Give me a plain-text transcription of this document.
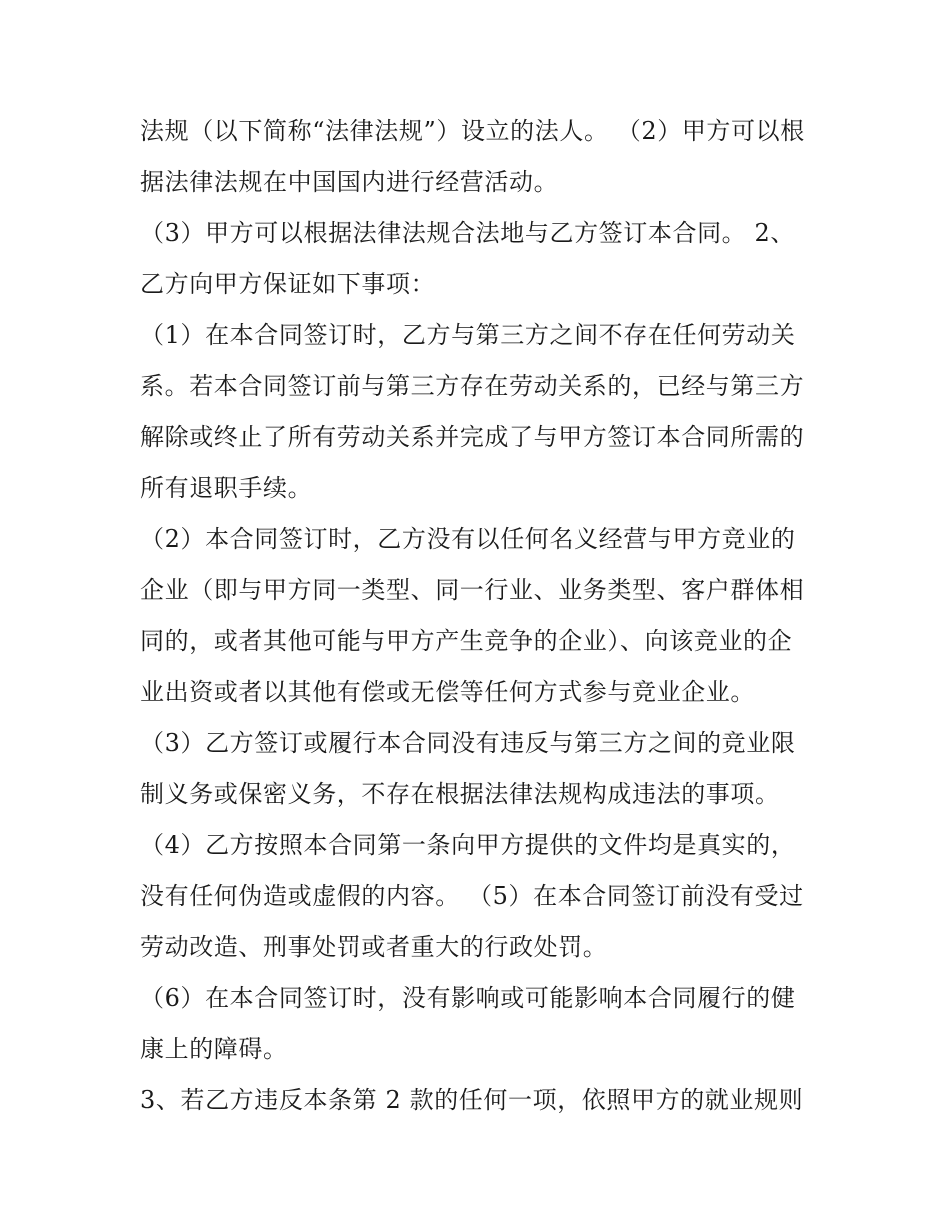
法规（以下简称“法律法规”）设立的法人。 （2）甲方可以根
据法律法规在中国国内进行经营活动。
（3）甲方可以根据法律法规合法地与乙方签订本合同。 2、
乙方向甲方保证如下事项：
（1）在本合同签订时，乙方与第三方之间不存在任何劳动关
系。若本合同签订前与第三方存在劳动关系的，已经与第三方
解除或终止了所有劳动关系并完成了与甲方签订本合同所需的
所有退职手续。
（2）本合同签订时，乙方没有以任何名义经营与甲方竞业的
企业（即与甲方同一类型、同一行业、业务类型、客户群体相
同的，或者其他可能与甲方产生竞争的企业）、向该竞业的企
业出资或者以其他有偿或无偿等任何方式参与竞业企业。
（3）乙方签订或履行本合同没有违反与第三方之间的竞业限
制义务或保密义务，不存在根据法律法规构成违法的事项。
（4）乙方按照本合同第一条向甲方提供的文件均是真实的，
没有任何伪造或虚假的内容。 （5）在本合同签订前没有受过
劳动改造、刑事处罚或者重大的行政处罚。
（6）在本合同签订时，没有影响或可能影响本合同履行的健
康上的障碍。
3、若乙方违反本条第 2 款的任何一项，依照甲方的就业规则
